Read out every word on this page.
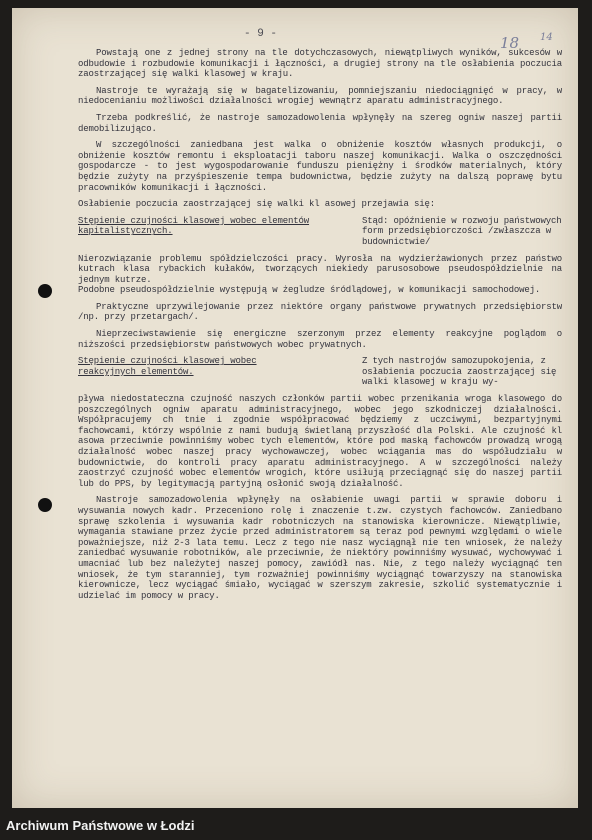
- 9 -	18 14

Powstają one z jednej strony na tle dotychczasowych, niewątpliwych wyników, sukcesów w odbudowie i rozbudowie komunikacji i łączności, a drugiej strony na tle osłabienia poczucia zaostrzającej się walki klasowej w kraju.

Nastroje te wyrażają się w bagatelizowaniu, pomniejszaniu niedociągnięć w pracy, w niedocenianiu możliwości działalności wrogiej wewnątrz aparatu administracyjnego.

Trzeba podkreślić, że nastroje samozadowolenia wpłynęły na szereg ogniw naszej partii demobilizująco.

W szczególności zaniedbana jest walka o obniżenie kosztów własnych produkcji, o obniżenie kosztów remontu i eksploatacji taboru naszej komunikacji. Walka o oszczędności gospodarcze - to jest wygospodarowanie funduszu pieniężny i środków materialnych, który będzie zużyty na przyśpieszenie tempa budownictwa, będzie zużyty na dalszą poprawę bytu pracowników komunikacji i łączności.

Osłabienie poczucia zaostrzającej się walki kl asowej przejawia się:

Stępienie czujności klasowej wobec elementów kapitalistycznych.
Stąd: opóźnienie w rozwoju państwowych form przedsiębiorczości /zwłaszcza w budownictwie/

Nierozwiązanie problemu spółdzielczości pracy. Wyrosła na wydzierżawionych przez państwo kutrach klasa rybackich kułaków, tworzących niekiedy parusosobowe pseudospółdzielnie na jednym kutrze.

Podobne pseudospółdzielnie występują w żegludze śródlądowej, w komunikacji samochodowej.

Praktyczne uprzywilejowanie przez niektóre organy państwowe prywatnych przedsiębiorstw /np. przy przetargach/.

Nieprzeciwstawienie się energiczne szerzonym przez elementy reakcyjne poglądom o niższości przedsiębiorstw państwowych wobec prywatnych.

Stępienie czujności klasowej wobec reakcyjnych elementów.
Z tych nastrojów samozupokojenia, z osłabienia poczucia zaostrzającej się walki klasowej w kraju wy-

pływa niedostateczna czujność naszych członków partii wobec przenikania wroga klasowego do poszczególnych ogniw aparatu administracyjnego, wobec jego szkodniczej działalności. Współpracujemy ch tnie i zgodnie współpracować będziemy z uczciwymi, bezpartyjnymi fachowcami, którzy wspólnie z nami budują świetlaną przyszłość dla Polski. Ale czujność kl asowa przeciwnie powinniśmy wobec tych elementów, które pod maską fachowców prowadzą wrogą działalność wobec naszej pracy wychowawczej, wobec wciągania mas do współudziału w budownictwie, do kontroli pracy aparatu administracyjnego. A w szczególności należy zaostrzyć czujność wobec elementów wrogich, które usiłują przeciągnąć się do naszej partii lub do PPS, by legitymacją partyjną osłonić swoją działalność.

Nastroje samozadowolenia wpłynęły na osłabienie uwagi partii w sprawie doboru i wysuwania nowych kadr. Przeceniono rolę i znaczenie t.zw. czystych fachowców. Zaniedbano sprawę szkolenia i wysuwania kadr robotniczych na stanowiska kierownicze. Niewątpliwie, wymagania stawiane przez życie przed administratorem są teraz pod pewnymi względami o wiele poważniejsze, niż 2-3 lata temu. Lecz z tego nie nasz wyciągnął nie ten wniosek, że należy zaniedbać wysuwanie robotników, ale przeciwnie, że niektóry powinniśmy wysuwać, wychowywać i umacniać lub bez należytej naszej pomocy, zawiódł nas. Nie, z tego należy wyciągnąć ten wniosek, że tym staranniej, tym rozważniej powinniśmy wyciągnąć towarzyszy na stanowiska kierownicze, lecz wyciągać śmiało, wyciągać w szerszym zakresie, szkolić systematycznie i udzielać im pomocy w pracy.

Archiwum Państwowe w Łodzi
